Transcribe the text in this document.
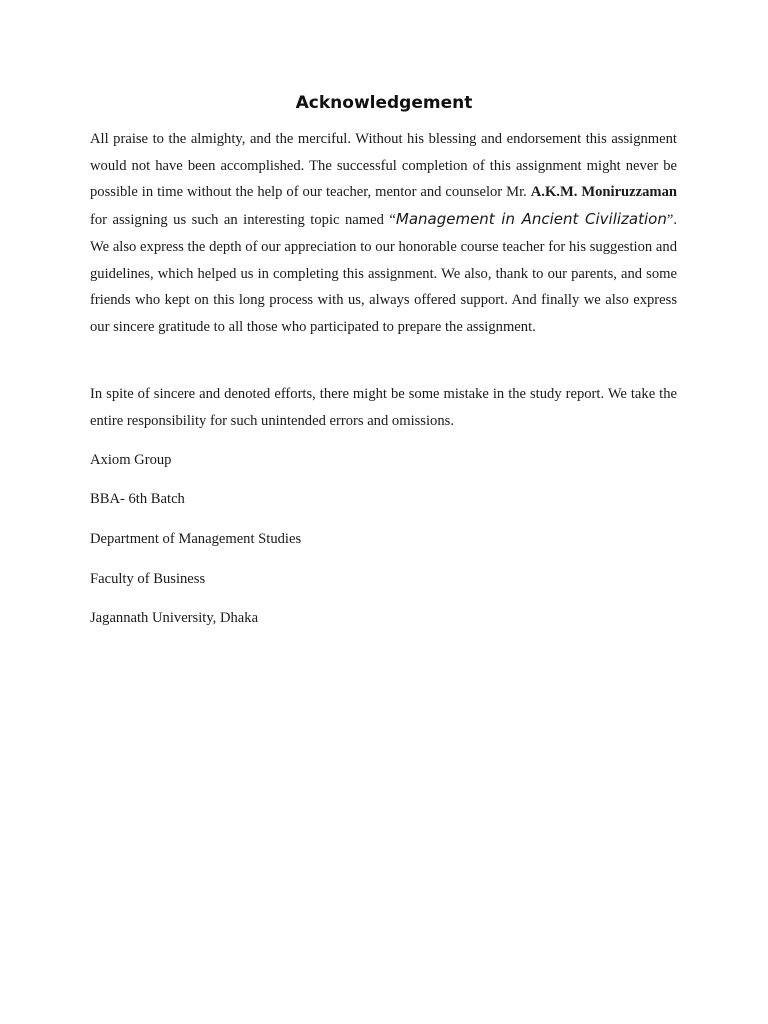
Acknowledgement

All praise to the almighty, and the merciful. Without his blessing and endorsement this assignment would not have been accomplished. The successful completion of this assignment might never be possible in time without the help of our teacher, mentor and counselor Mr. A.K.M. Moniruzzaman for assigning us such an interesting topic named “Management in Ancient Civilization”. We also express the depth of our appreciation to our honorable course teacher for his suggestion and guidelines, which helped us in completing this assignment. We also, thank to our parents, and some friends who kept on this long process with us, always offered support. And finally we also express our sincere gratitude to all those who participated to prepare the assignment.

In spite of sincere and denoted efforts, there might be some mistake in the study report. We take the entire responsibility for such unintended errors and omissions.

Axiom Group

BBA- 6th Batch

Department of Management Studies

Faculty of Business

Jagannath University, Dhaka
